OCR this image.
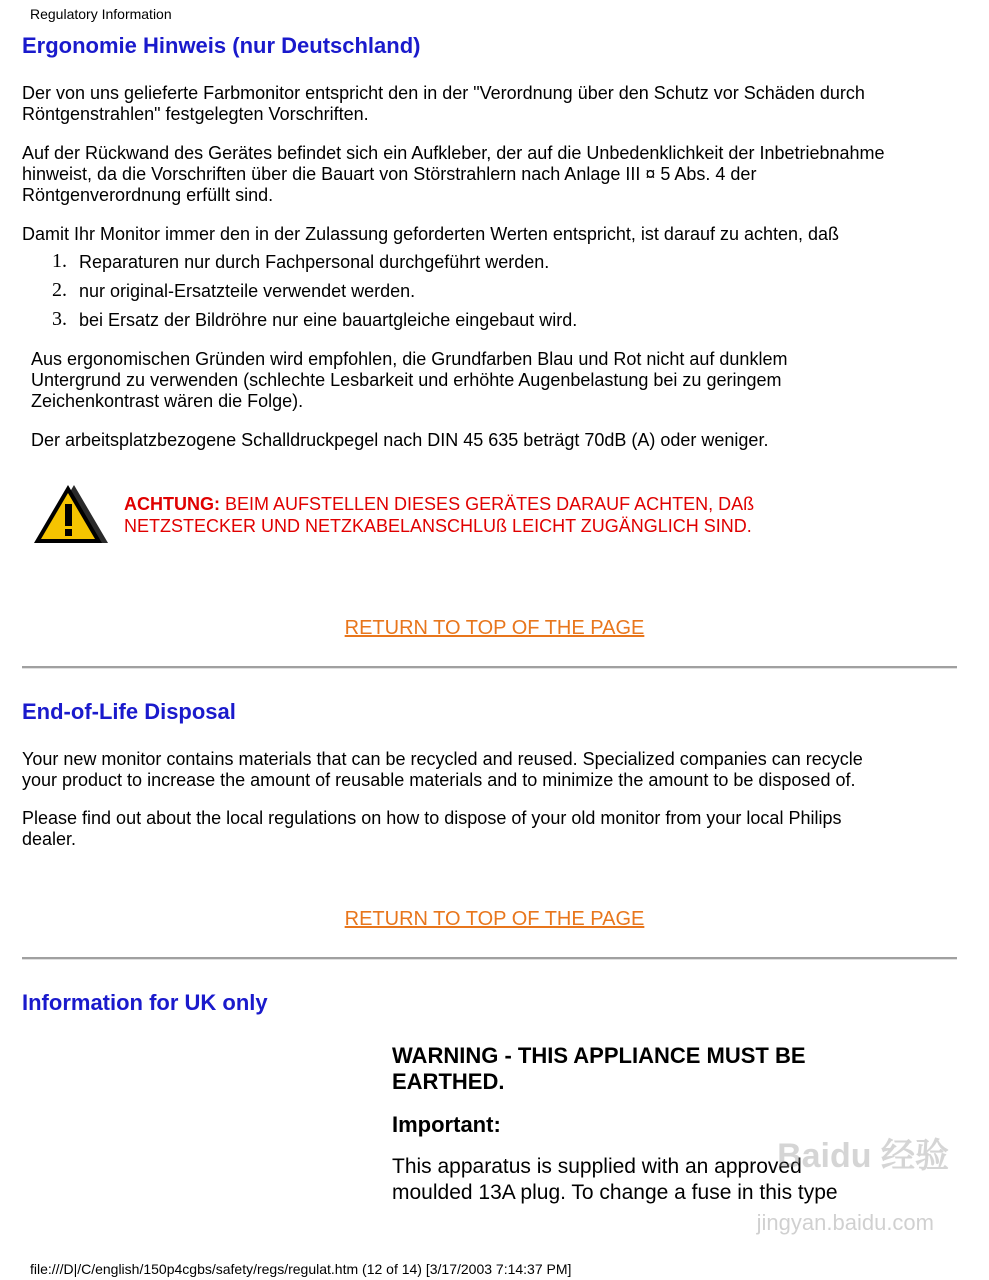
Regulatory Information
Ergonomie Hinweis (nur Deutschland)

Der von uns gelieferte Farbmonitor entspricht den in der "Verordnung über den Schutz vor Schäden durch

Röntgenstrahlen" festgelegten Vorschriften.

Auf der Rückwand des Gerätes befindet sich ein Aufkleber, der auf die Unbedenklichkeit der Inbetriebnahme

hinweist, da die Vorschriften über die Bauart von Störstrahlern nach Anlage III ¤ 5 Abs. 4 der

Röntgenverordnung erfüllt sind.

Damit Ihr Monitor immer den in der Zulassung geforderten Werten entspricht, ist darauf zu achten, daß

1. Reparaturen nur durch Fachpersonal durchgeführt werden.
2. nur original-Ersatzteile verwendet werden.
3. bei Ersatz der Bildröhre nur eine bauartgleiche eingebaut wird.

Aus ergonomischen Gründen wird empfohlen, die Grundfarben Blau und Rot nicht auf dunklem

Untergrund zu verwenden (schlechte Lesbarkeit und erhöhte Augenbelastung bei zu geringem

Zeichenkontrast wären die Folge).

Der arbeitsplatzbezogene Schalldruckpegel nach DIN 45 635 beträgt 70dB (A) oder weniger.

ACHTUNG: BEIM AUFSTELLEN DIESES GERÄTES DARAUF ACHTEN, DAß
NETZSTECKER UND NETZKABELANSCHLUß LEICHT ZUGÄNGLICH SIND.
RETURN TO TOP OF THE PAGE
End-of-Life Disposal

Your new monitor contains materials that can be recycled and reused. Specialized companies can recycle

your product to increase the amount of reusable materials and to minimize the amount to be disposed of.

Please find out about the local regulations on how to dispose of your old monitor from your local Philips

dealer.

RETURN TO TOP OF THE PAGE
Information for UK only
WARNING - THIS APPLIANCE MUST BE
EARTHED.
Important:
This apparatus is supplied with an approved
moulded 13A plug. To change a fuse in this type
Baidu 经验
jingyan.baidu.com
file:///D|/C/english/150p4cgbs/safety/regs/regulat.htm (12 of 14) [3/17/2003 7:14:37 PM]
